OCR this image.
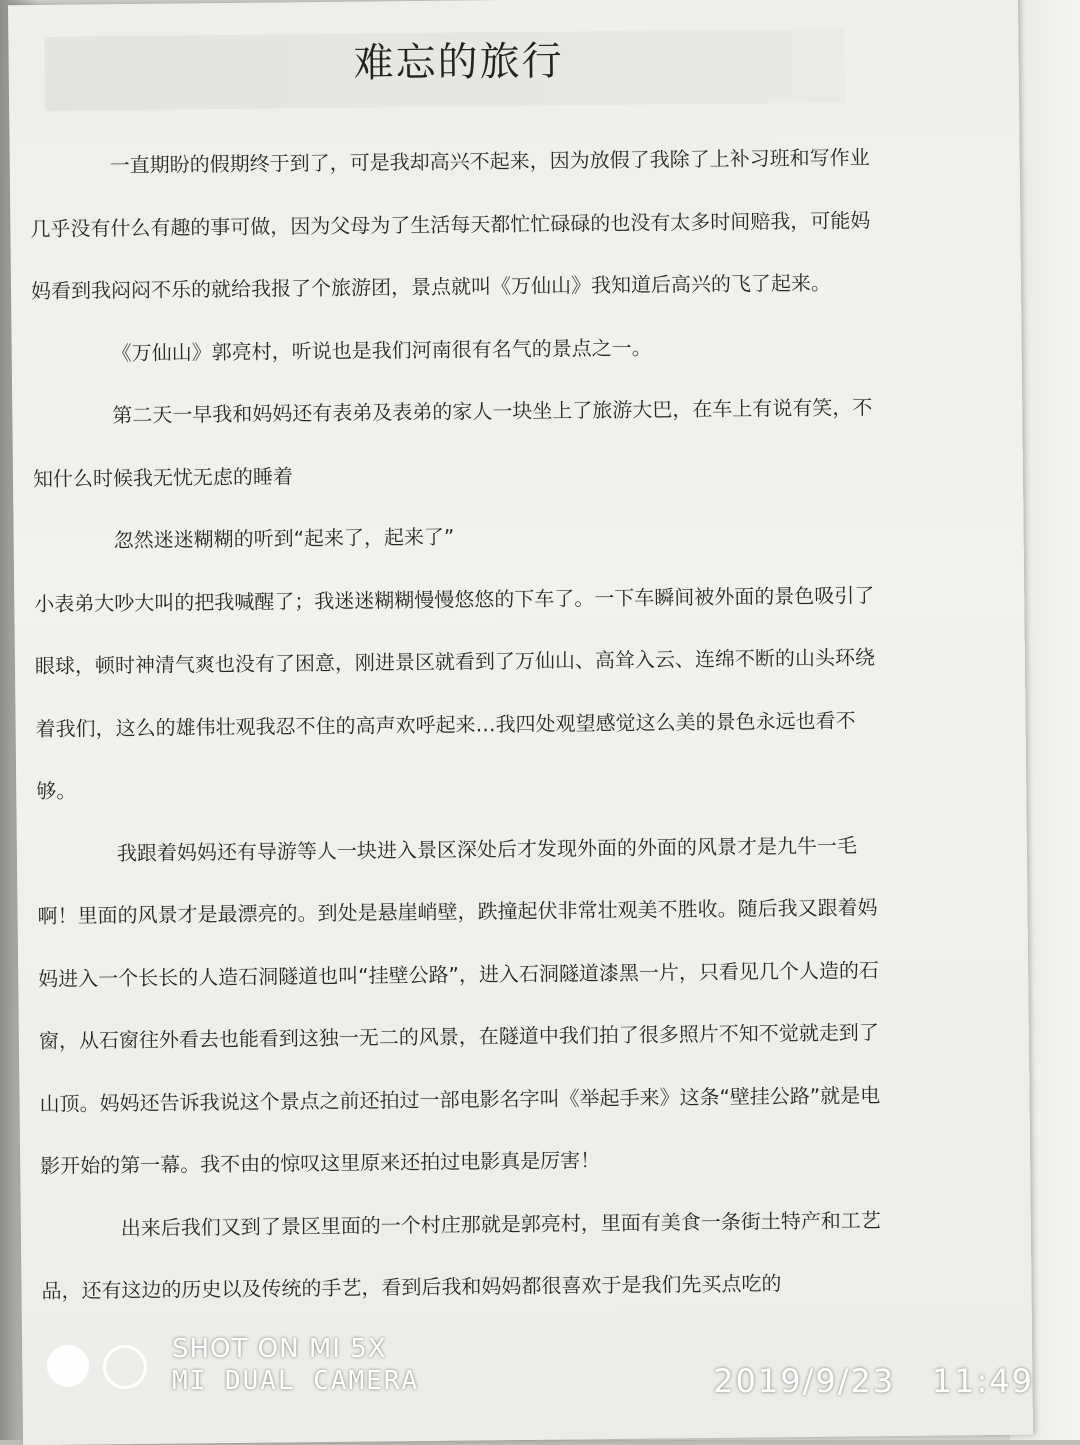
难忘的旅行

一直期盼的假期终于到了，可是我却高兴不起来，因为放假了我除了上补习班和写作业几乎没有什么有趣的事可做，因为父母为了生活每天都忙忙碌碌的也没有太多时间赔我，可能妈妈看到我闷闷不乐的就给我报了个旅游团，景点就叫《万仙山》我知道后高兴的飞了起来。

《万仙山》郭亮村，听说也是我们河南很有名气的景点之一。

第二天一早我和妈妈还有表弟及表弟的家人一块坐上了旅游大巴，在车上有说有笑，不知什么时候我无忧无虑的睡着

忽然迷迷糊糊的听到“起来了，起来了”

小表弟大吵大叫的把我喊醒了；我迷迷糊糊慢慢悠悠的下车了。一下车瞬间被外面的景色吸引了眼球，顿时神清气爽也没有了困意，刚进景区就看到了万仙山、高耸入云、连绵不断的山头环绕着我们，这么的雄伟壮观我忍不住的高声欢呼起来…我四处观望感觉这么美的景色永远也看不够。

我跟着妈妈还有导游等人一块进入景区深处后才发现外面的外面的风景才是九牛一毛啊！里面的风景才是最漂亮的。到处是悬崖峭壁，跌撞起伏非常壮观美不胜收。随后我又跟着妈妈进入一个长长的人造石洞隧道也叫“挂壁公路”，进入石洞隧道漆黑一片，只看见几个人造的石窗，从石窗往外看去也能看到这独一无二的风景，在隧道中我们拍了很多照片不知不觉就走到了山顶。妈妈还告诉我说这个景点之前还拍过一部电影名字叫《举起手来》这条“壁挂公路”就是电影开始的第一幕。我不由的惊叹这里原来还拍过电影真是厉害！

出来后我们又到了景区里面的一个村庄那就是郭亮村，里面有美食一条街土特产和工艺品，还有这边的历史以及传统的手艺，看到后我和妈妈都很喜欢于是我们先买点吃的

SHOT ON MI 5X
MI DUAL CAMERA	2019/9/23 11:49
